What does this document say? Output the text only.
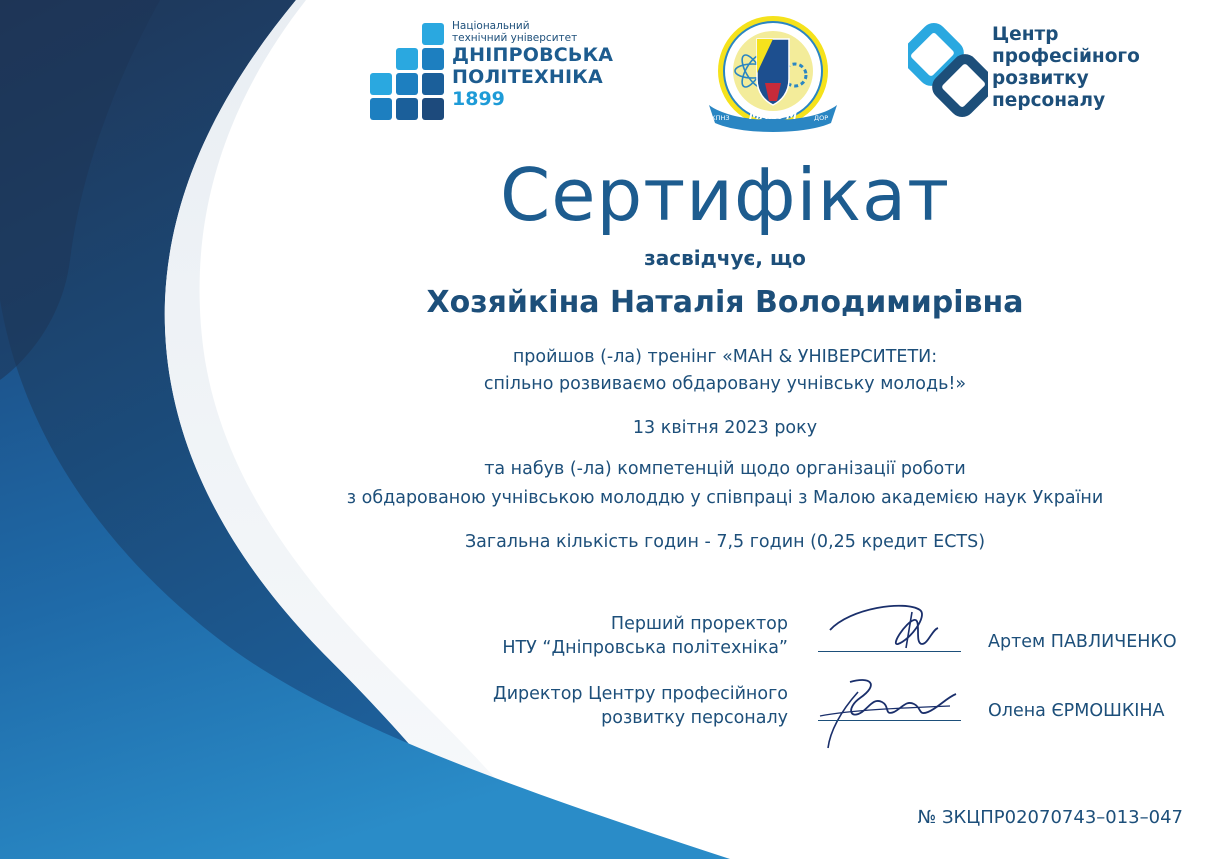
Національний
технічний університет
ДНІПРОВСЬКА
ПОЛІТЕХНІКА
1899
КПНЗ МАНУМ	ДОР
Центр
професійного
розвитку
персоналу
Сертифікат
засвідчує, що
Хозяйкіна Наталія Володимирівна
пройшов (-ла) тренінг «МАН & УНІВЕРСИТЕТИ:
спільно розвиваємо обдаровану учнівську молодь!»
13 квітня 2023 року
та набув (-ла) компетенцій щодо організації роботи
з обдарованою учнівською молоддю у співпраці з Малою академією наук України
Загальна кількість годин - 7,5 годин (0,25 кредит ECTS)
Перший проректор
НТУ “Дніпровська політехніка”	Артем ПАВЛИЧЕНКО
Директор Центру професійного
розвитку персоналу	Олена ЄРМОШКІНА
№ ЗКЦПР02070743–013–047
